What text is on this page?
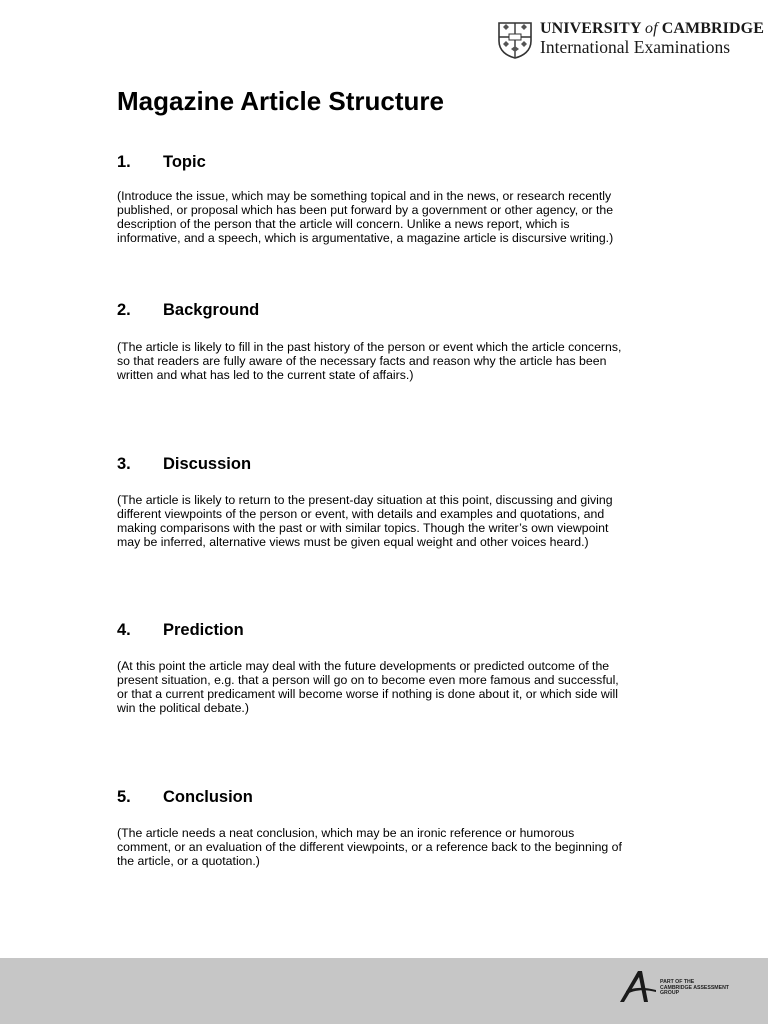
UNIVERSITY of CAMBRIDGE
International Examinations
Magazine Article Structure
1. Topic

(Introduce the issue, which may be something topical and in the news, or research recently
published, or proposal which has been put forward by a government or other agency, or the
description of the person that the article will concern. Unlike a news report, which is
informative, and a speech, which is argumentative, a magazine article is discursive writing.)

2. Background

(The article is likely to fill in the past history of the person or event which the article concerns,
so that readers are fully aware of the necessary facts and reason why the article has been
written and what has led to the current state of affairs.)

3. Discussion

(The article is likely to return to the present-day situation at this point, discussing and giving
different viewpoints of the person or event, with details and examples and quotations, and
making comparisons with the past or with similar topics. Though the writer’s own viewpoint
may be inferred, alternative views must be given equal weight and other voices heard.)

4. Prediction

(At this point the article may deal with the future developments or predicted outcome of the
present situation, e.g. that a person will go on to become even more famous and successful,
or that a current predicament will become worse if nothing is done about it, or which side will
win the political debate.)

5. Conclusion

(The article needs a neat conclusion, which may be an ironic reference or humorous
comment, or an evaluation of the different viewpoints, or a reference back to the beginning of
the article, or a quotation.)

PART OF THE
CAMBRIDGE ASSESSMENT
GROUP
